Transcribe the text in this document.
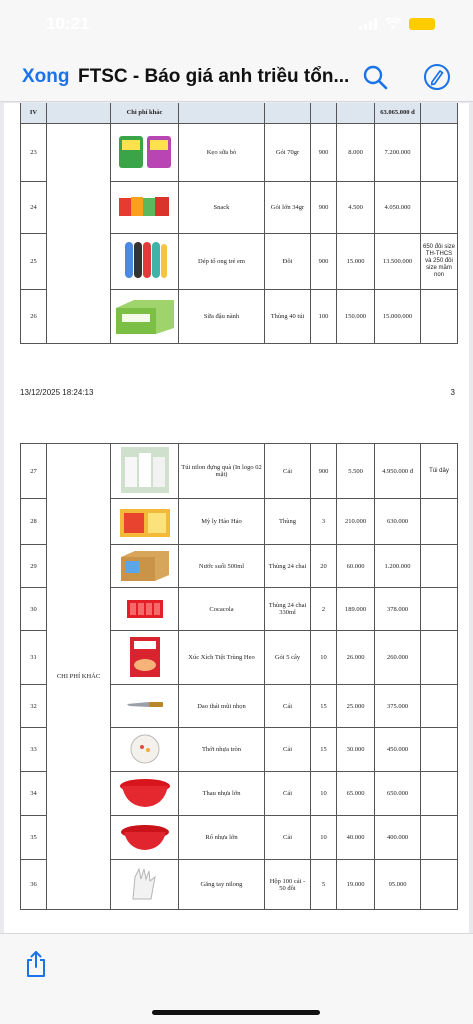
10:21
Xong FTSC - Báo giá anh triều tổn...
IV		Chi phí khác					63.065.000 đ	
23			Kẹo sữa bò	Gói 70gr	900	8.000	7.200.000	
24			Snack	Gói lớn 34gr	900	4.500	4.050.000	
25			Dép tổ ong trẻ em	Đôi	900	15.000	13.500.000	650 đôi size TH-THCS và 250 đôi size mầm non
26			Sữa đậu nành	Thùng 40 túi	100	150.000	15.000.000	
13/12/2025 18:24:13	3
27	CHI PHÍ KHÁC		Túi nilon đựng quà (In logo 02 mặt)	Cái	900	5.500	4.950.000 đ	Túi dây
28			Mỳ ly Hảo Hảo	Thùng	3	210.000	630.000	
29			Nước suối 500ml	Thùng 24 chai	20	60.000	1.200.000	
30			Cocacola	Thùng 24 chai 330ml	2	189.000	378.000	
31			Xúc Xích Tiệt Trùng Heo	Gói 5 cây	10	26.000	260.000	
32			Dao thái mũi nhọn	Cái	15	25.000	375.000	
33			Thớt nhựa tròn	Cái	15	30.000	450.000	
34			Thau nhựa lớn	Cái	10	65.000	650.000	
35			Rổ nhựa lớn	Cái	10	40.000	400.000	
36			Găng tay nilong	Hộp 100 cái - 50 đôi	5	19.000	95.000	
